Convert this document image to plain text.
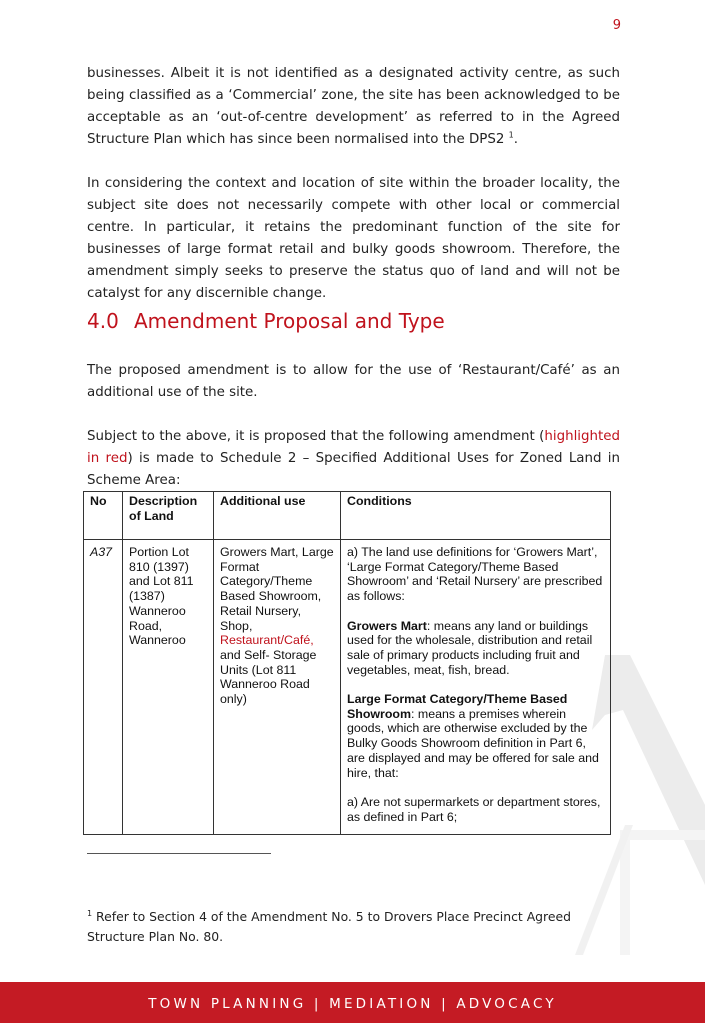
9

businesses. Albeit it is not identified as a designated activity centre, as such being classified as a ‘Commercial’ zone, the site has been acknowledged to be acceptable as an ‘out-of-centre development’ as referred to in the Agreed Structure Plan which has since been normalised into the DPS2 $^1$.

In considering the context and location of site within the broader locality, the subject site does not necessarily compete with other local or commercial centre. In particular, it retains the predominant function of the site for businesses of large format retail and bulky goods showroom. Therefore, the amendment simply seeks to preserve the status quo of land and will not be catalyst for any discernible change.

4.0 Amendment Proposal and Type

The proposed amendment is to allow for the use of ‘Restaurant/Café’ as an additional use of the site.

Subject to the above, it is proposed that the following amendment (highlighted in red) is made to Schedule 2 – Specified Additional Uses for Zoned Land in Scheme Area:

No	Description of Land	Additional use	Conditions
A37	Portion Lot 810 (1397) and Lot 811 (1387) Wanneroo Road, Wanneroo	Growers Mart, Large Format Category/Theme Based Showroom, Retail Nursery, Shop, Restaurant/Café, and Self- Storage Units (Lot 811 Wanneroo Road only)	a) The land use definitions for ‘Growers Mart’, ‘Large Format Category/Theme Based Showroom’ and ‘Retail Nursery’ are prescribed as follows:

Growers Mart: means any land or buildings used for the wholesale, distribution and retail sale of primary products including fruit and vegetables, meat, fish, bread.

Large Format Category/Theme Based Showroom: means a premises wherein goods, which are otherwise excluded by the Bulky Goods Showroom definition in Part 6, are displayed and may be offered for sale and hire, that:

a) Are not supermarkets or department stores, as defined in Part 6;

$^1$ Refer to Section 4 of the Amendment No. 5 to Drovers Place Precinct Agreed Structure Plan No. 80.

TOWN PLANNING | MEDIATION | ADVOCACY
